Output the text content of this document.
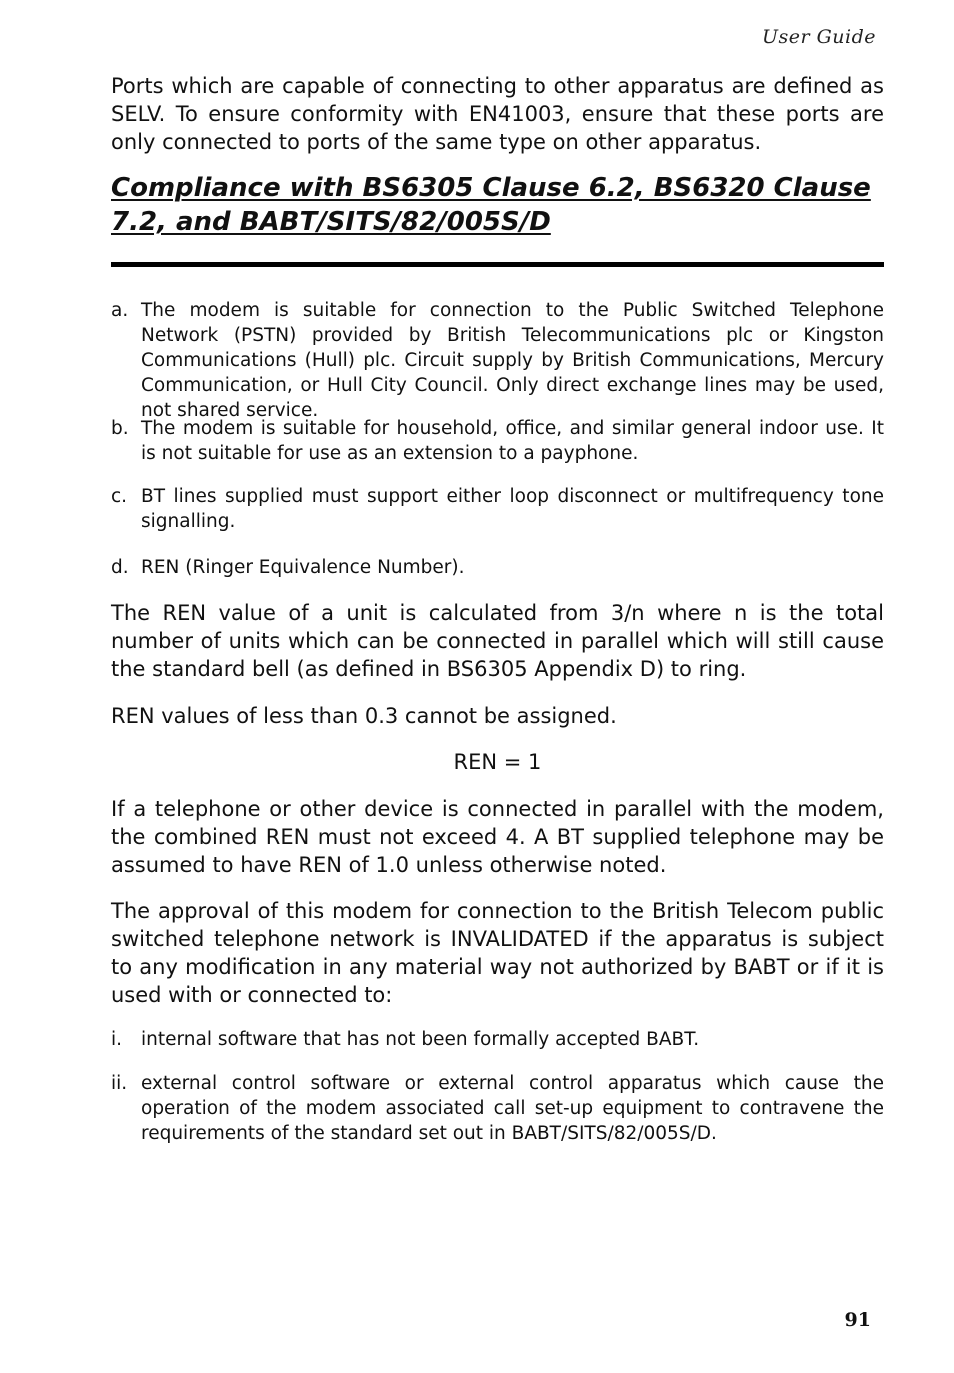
User Guide

Ports which are capable of connecting to other apparatus are defined as SELV. To ensure conformity with EN41003, ensure that these ports are only connected to ports of the same type on other apparatus.

Compliance with BS6305 Clause 6.2, BS6320 Clause 7.2, and BABT/SITS/82/005S/D
a. The modem is suitable for connection to the Public Switched Telephone Network (PSTN) provided by British Telecommunications plc or Kingston Communications (Hull) plc. Circuit supply by British Communications, Mercury Communication, or Hull City Council. Only direct exchange lines may be used, not shared service.
b. The modem is suitable for household, office, and similar general indoor use. It is not suitable for use as an extension to a payphone.
c. BT lines supplied must support either loop disconnect or multifrequency tone signalling.
d. REN (Ringer Equivalence Number).

The REN value of a unit is calculated from 3/n where n is the total number of units which can be connected in parallel which will still cause the standard bell (as defined in BS6305 Appendix D) to ring.

REN values of less than 0.3 cannot be assigned.

REN = 1

If a telephone or other device is connected in parallel with the modem, the combined REN must not exceed 4. A BT supplied telephone may be assumed to have REN of 1.0 unless otherwise noted.

The approval of this modem for connection to the British Telecom public switched telephone network is INVALIDATED if the apparatus is subject to any modification in any material way not authorized by BABT or if it is used with or connected to:

i.	internal software that has not been formally accepted BABT.
ii. external control software or external control apparatus which cause the operation of the modem associated call set-up equipment to contravene the requirements of the standard set out in BABT/SITS/82/005S/D.
91
